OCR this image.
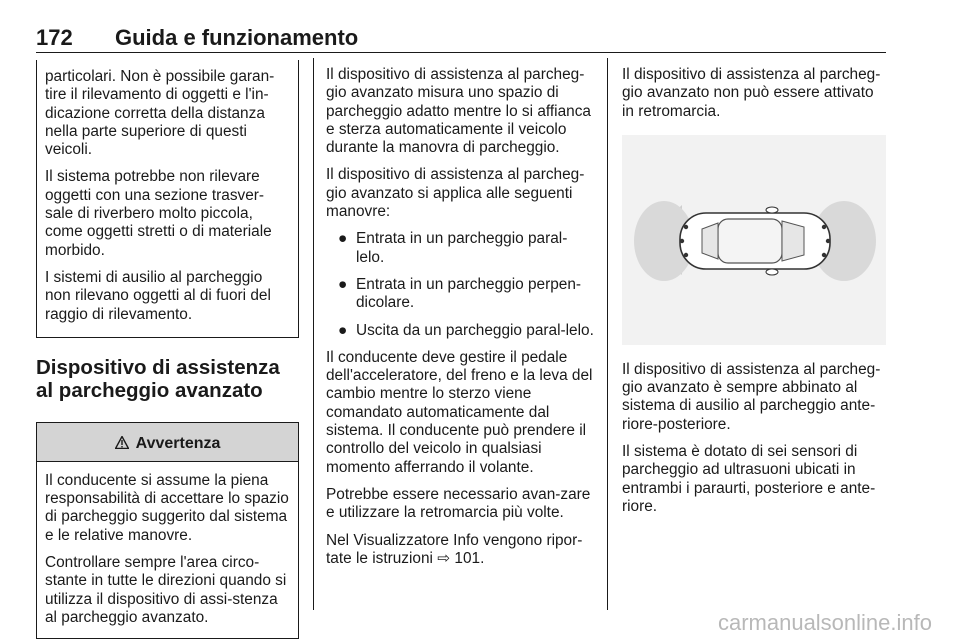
172 Guida e funzionamento

particolari. Non è possibile garan-tire il rilevamento di oggetti e l'in-dicazione corretta della distanza nella parte superiore di questi veicoli.

Il sistema potrebbe non rilevare oggetti con una sezione trasver-sale di riverbero molto piccola, come oggetti stretti o di materiale morbido.

I sistemi di ausilio al parcheggio non rilevano oggetti al di fuori del raggio di rilevamento.

Dispositivo di assistenza al parcheggio avanzato
Avvertenza

Il conducente si assume la piena responsabilità di accettare lo spazio di parcheggio suggerito dal sistema e le relative manovre.

Controllare sempre l'area circo-stante in tutte le direzioni quando si utilizza il dispositivo di assi-stenza al parcheggio avanzato.

Il dispositivo di assistenza al parcheg-gio avanzato misura uno spazio di parcheggio adatto mentre lo si affianca e sterza automaticamente il veicolo durante la manovra di parcheggio.

Il dispositivo di assistenza al parcheg-gio avanzato si applica alle seguenti manovre:

● Entrata in un parcheggio paral-lelo.
● Entrata in un parcheggio perpen-dicolare.
● Uscita da un parcheggio paral-lelo.

Il conducente deve gestire il pedale dell'acceleratore, del freno e la leva del cambio mentre lo sterzo viene comandato automaticamente dal sistema. Il conducente può prendere il controllo del veicolo in qualsiasi momento afferrando il volante.

Potrebbe essere necessario avan-zare e utilizzare la retromarcia più volte.

Nel Visualizzatore Info vengono ripor-tate le istruzioni ⇨ 101.

Il dispositivo di assistenza al parcheg-gio avanzato non può essere attivato in retromarcia.

Il dispositivo di assistenza al parcheg-gio avanzato è sempre abbinato al sistema di ausilio al parcheggio ante-riore-posteriore.

Il sistema è dotato di sei sensori di parcheggio ad ultrasuoni ubicati in entrambi i paraurti, posteriore e ante-riore.

carmanualsonline.info
